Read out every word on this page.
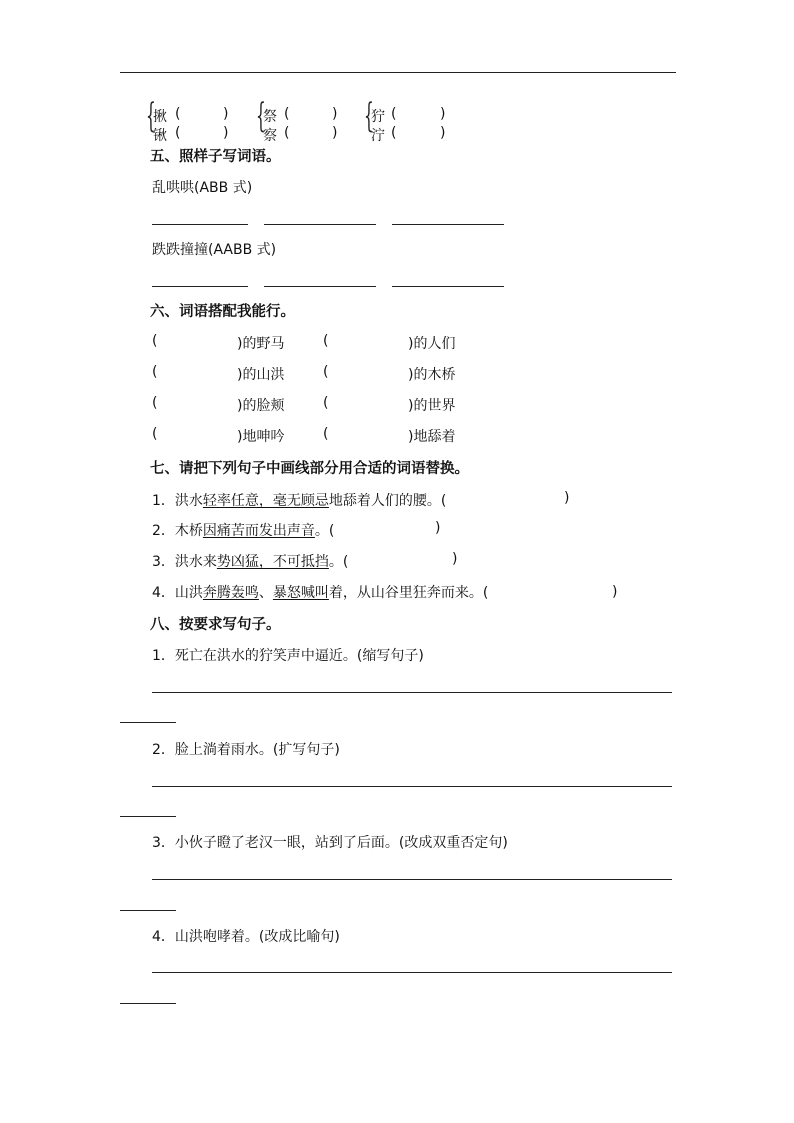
{
揪 (	)
锹 (	) {
祭 (	)
察 (	) {
狞 (	)
泞 (	)
五、照样子写词语。
乱哄哄(ABB 式)
跌跌撞撞(AABB 式)
六、词语搭配我能行。
(	)的野马	(	)的人们
(	)的山洪	(	)的木桥
(	)的脸颊	(	)的世界
(	)地呻吟	(	)地舔着
七、请把下列句子中画线部分用合适的词语替换。
1．洪水轻率任意，毫无顾忌地舔着人们的腰。(	)
2．木桥因痛苦而发出声音。(	)
3．洪水来势凶猛，不可抵挡。(	)
4．山洪奔腾轰鸣、暴怒喊叫着，从山谷里狂奔而来。(	)
八、按要求写句子。
1．死亡在洪水的狞笑声中逼近。(缩写句子)
2．脸上淌着雨水。(扩写句子)
3．小伙子瞪了老汉一眼，站到了后面。(改成双重否定句)
4．山洪咆哮着。(改成比喻句)
